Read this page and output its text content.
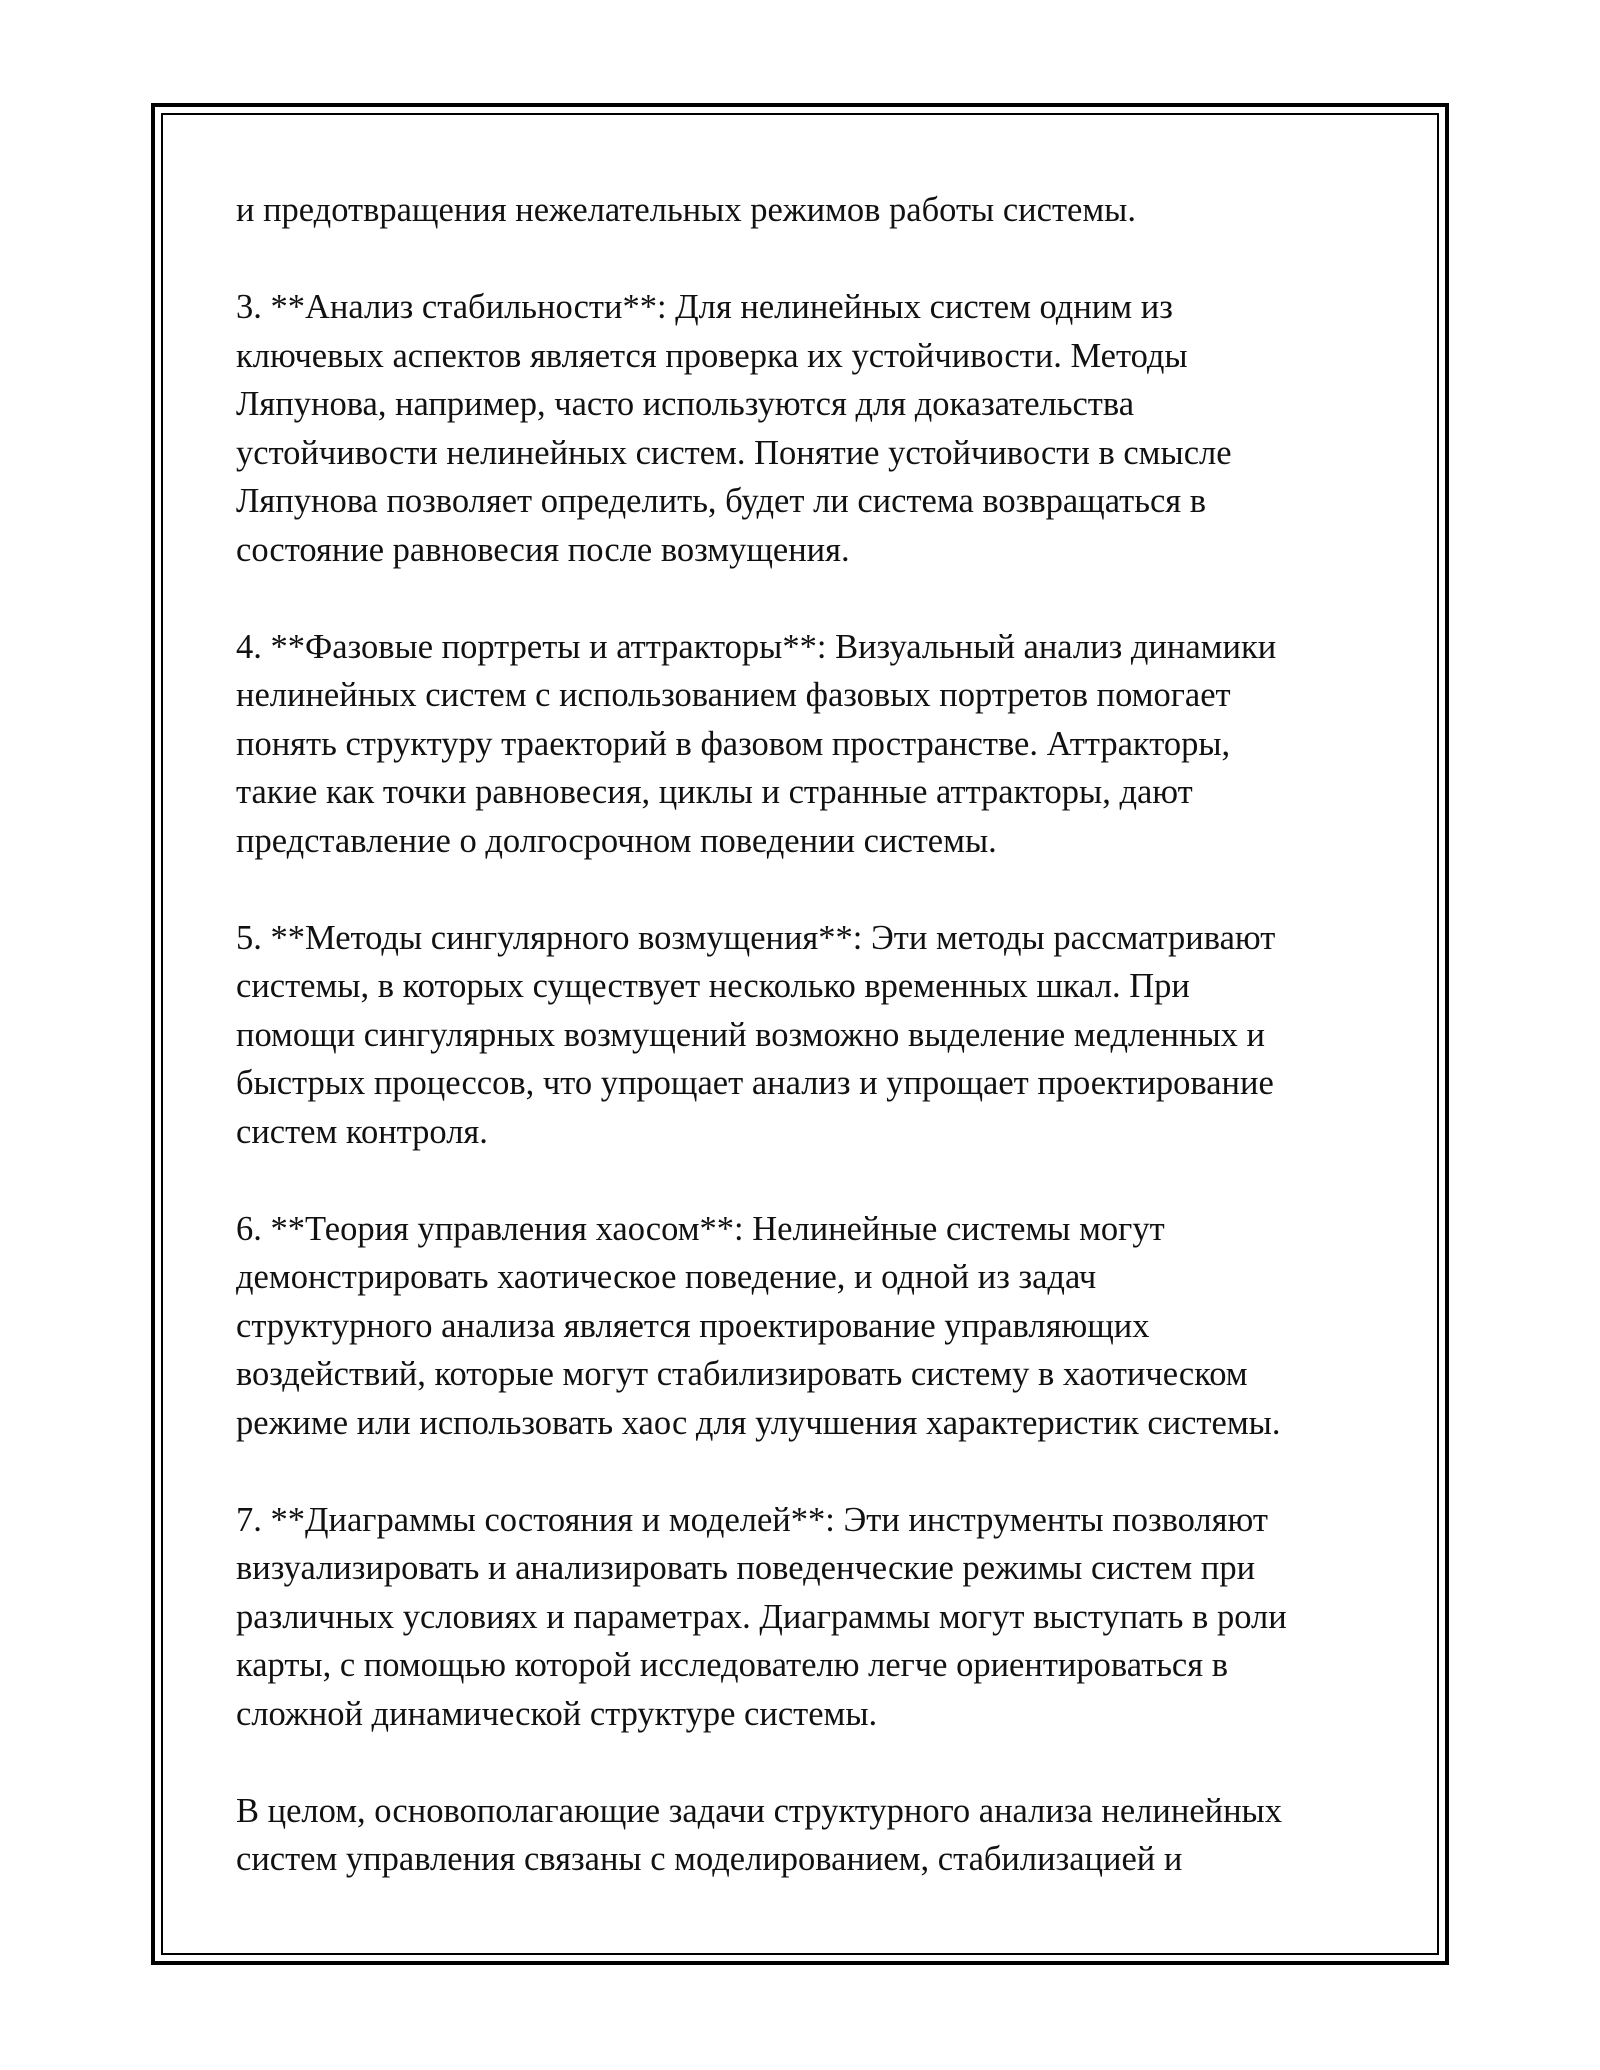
и предотвращения нежелательных режимов работы системы.

3. **Анализ стабильности**: Для нелинейных систем одним из
ключевых аспектов является проверка их устойчивости. Методы
Ляпунова, например, часто используются для доказательства
устойчивости нелинейных систем. Понятие устойчивости в смысле
Ляпунова позволяет определить, будет ли система возвращаться в
состояние равновесия после возмущения.

4. **Фазовые портреты и аттракторы**: Визуальный анализ динамики
нелинейных систем с использованием фазовых портретов помогает
понять структуру траекторий в фазовом пространстве. Аттракторы,
такие как точки равновесия, циклы и странные аттракторы, дают
представление о долгосрочном поведении системы.

5. **Методы сингулярного возмущения**: Эти методы рассматривают
системы, в которых существует несколько временных шкал. При
помощи сингулярных возмущений возможно выделение медленных и
быстрых процессов, что упрощает анализ и упрощает проектирование
систем контроля.

6. **Теория управления хаосом**: Нелинейные системы могут
демонстрировать хаотическое поведение, и одной из задач
структурного анализа является проектирование управляющих
воздействий, которые могут стабилизировать систему в хаотическом
режиме или использовать хаос для улучшения характеристик системы.

7. **Диаграммы состояния и моделей**: Эти инструменты позволяют
визуализировать и анализировать поведенческие режимы систем при
различных условиях и параметрах. Диаграммы могут выступать в роли
карты, с помощью которой исследователю легче ориентироваться в
сложной динамической структуре системы.

В целом, основополагающие задачи структурного анализа нелинейных
систем управления связаны с моделированием, стабилизацией и
